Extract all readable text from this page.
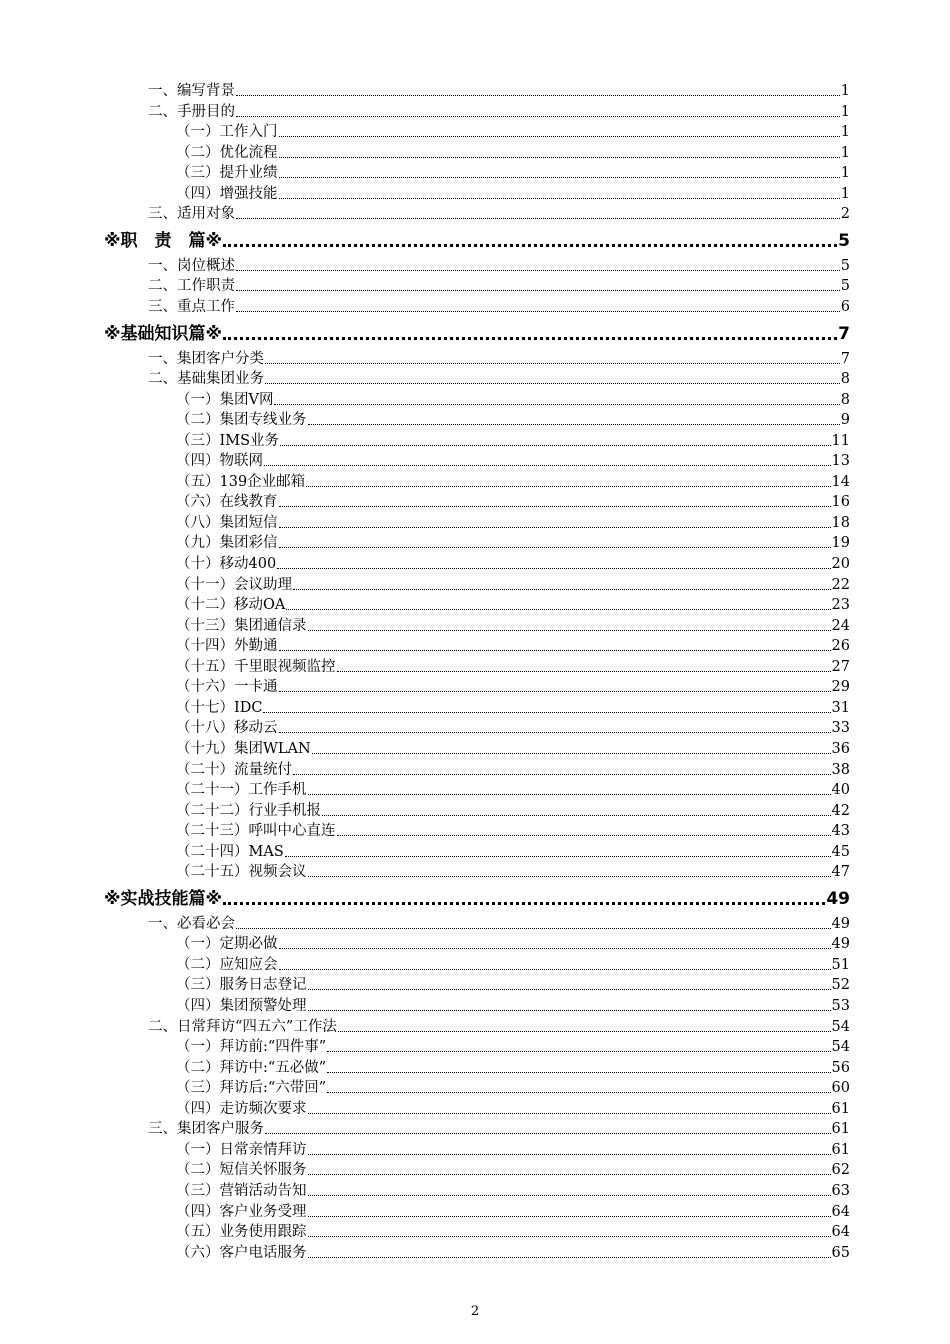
一、编写背景	1
二、手册目的	1
（一）工作入门	1
（二）优化流程	1
（三）提升业绩	1
（四）增强技能	1
三、适用对象	2
※职　责　篇※	5
一、岗位概述	5
二、工作职责	5
三、重点工作	6
※基础知识篇※	7
一、集团客户分类	7
二、基础集团业务	8
（一）集团V网	8
（二）集团专线业务	9
（三）IMS业务	11
（四）物联网	13
（五）139企业邮箱	14
（六）在线教育	16
（八）集团短信	18
（九）集团彩信	19
（十）移动400	20
（十一）会议助理	22
（十二）移动OA	23
（十三）集团通信录	24
（十四）外勤通	26
（十五）千里眼视频监控	27
（十六）一卡通	29
（十七）IDC	31
（十八）移动云	33
（十九）集团WLAN	36
（二十）流量统付	38
（二十一）工作手机	40
（二十二）行业手机报	42
（二十三）呼叫中心直连	43
（二十四）MAS	45
（二十五）视频会议	47
※实战技能篇※	49
一、必看必会	49
（一）定期必做	49
（二）应知应会	51
（三）服务日志登记	52
（四）集团预警处理	53
二、日常拜访“四五六”工作法	54
（一）拜访前:“四件事”	54
（二）拜访中:“五必做”	56
（三）拜访后:“六带回”	60
（四）走访频次要求	61
三、集团客户服务	61
（一）日常亲情拜访	61
（二）短信关怀服务	62
（三）营销活动告知	63
（四）客户业务受理	64
（五）业务使用跟踪	64
（六）客户电话服务	65
2
